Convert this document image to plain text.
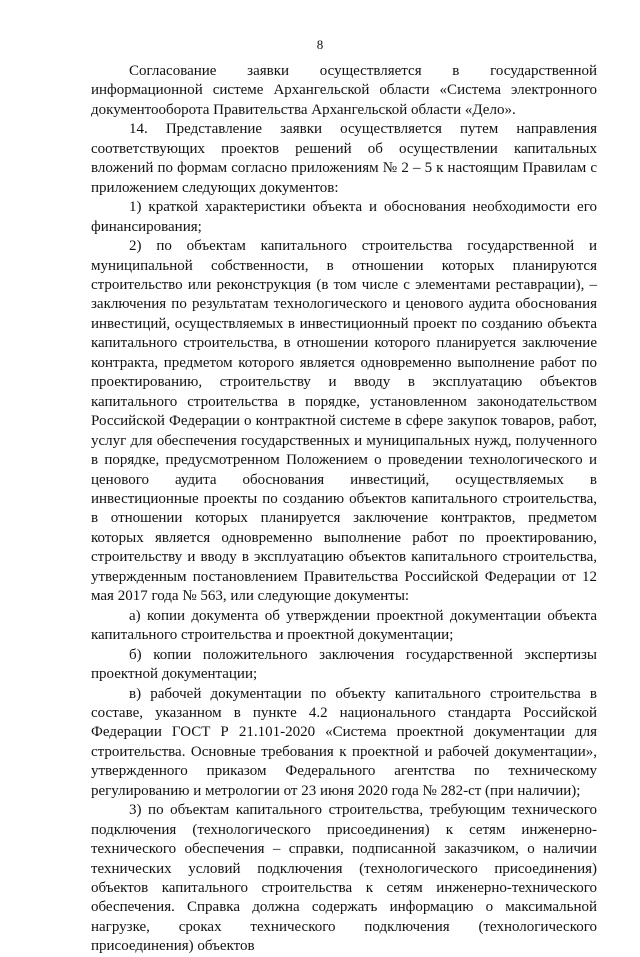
8

Согласование заявки осуществляется в государственной информационной системе Архангельской области «Система электронного документооборота Правительства Архангельской области «Дело».

14. Представление заявки осуществляется путем направления соответствующих проектов решений об осуществлении капитальных вложений по формам согласно приложениям № 2 – 5 к настоящим Правилам с приложением следующих документов:

1) краткой характеристики объекта и обоснования необходимости его финансирования;

2) по объектам капитального строительства государственной и муниципальной собственности, в отношении которых планируются строительство или реконструкция (в том числе с элементами реставрации), – заключения по результатам технологического и ценового аудита обоснования инвестиций, осуществляемых в инвестиционный проект по созданию объекта капитального строительства, в отношении которого планируется заключение контракта, предметом которого является одновременно выполнение работ по проектированию, строительству и вводу в эксплуатацию объектов капитального строительства в порядке, установленном законодательством Российской Федерации о контрактной системе в сфере закупок товаров, работ, услуг для обеспечения государственных и муниципальных нужд, полученного в порядке, предусмотренном Положением о проведении технологического и ценового аудита обоснования инвестиций, осуществляемых в инвестиционные проекты по созданию объектов капитального строительства, в отношении которых планируется заключение контрактов, предметом которых является одновременно выполнение работ по проектированию, строительству и вводу в эксплуатацию объектов капитального строительства, утвержденным постановлением Правительства Российской Федерации от 12 мая 2017 года № 563, или следующие документы:

а) копии документа об утверждении проектной документации объекта капитального строительства и проектной документации;

б) копии положительного заключения государственной экспертизы проектной документации;

в) рабочей документации по объекту капитального строительства в составе, указанном в пункте 4.2 национального стандарта Российской Федерации ГОСТ Р 21.101-2020 «Система проектной документации для строительства. Основные требования к проектной и рабочей документации», утвержденного приказом Федерального агентства по техническому регулированию и метрологии от 23 июня 2020 года № 282-ст (при наличии);

3) по объектам капитального строительства, требующим технического подключения (технологического присоединения) к сетям инженерно-технического обеспечения – справки, подписанной заказчиком, о наличии технических условий подключения (технологического присоединения) объектов капитального строительства к сетям инженерно-технического обеспечения. Справка должна содержать информацию о максимальной нагрузке, сроках технического подключения (технологического присоединения) объектов
